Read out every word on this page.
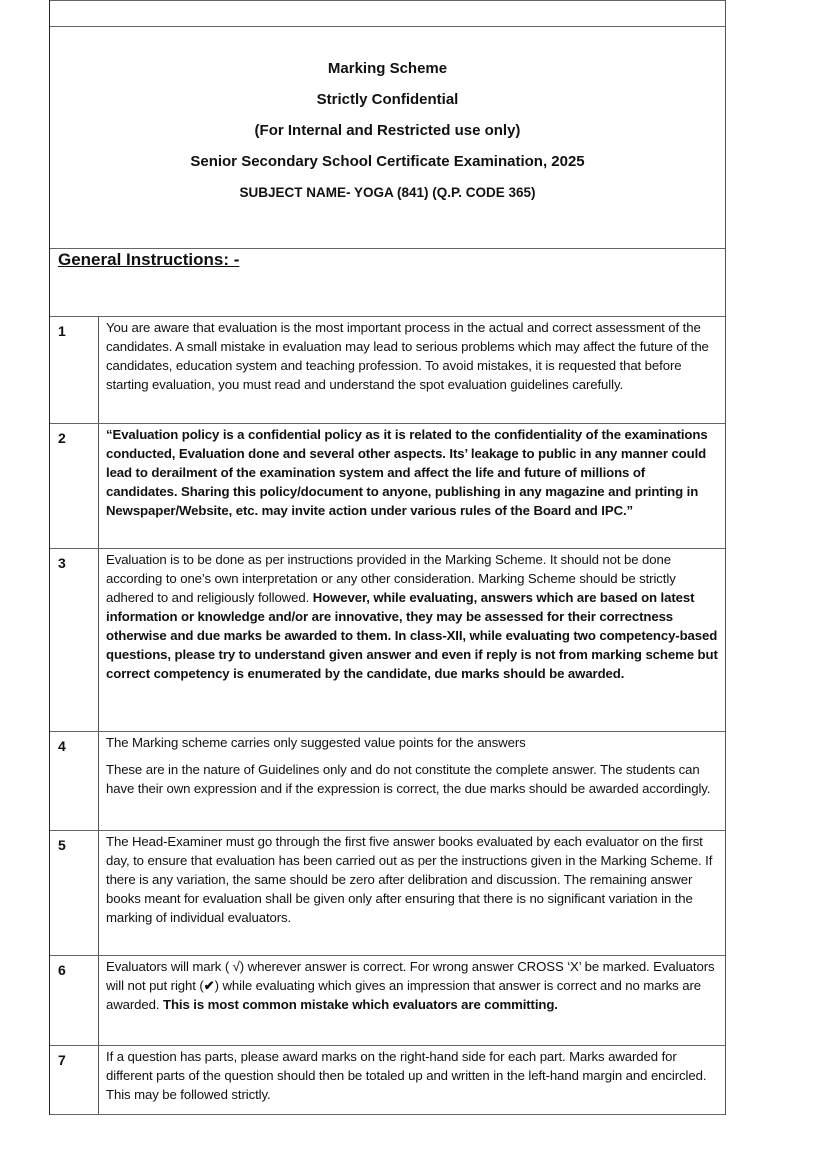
Marking Scheme
Strictly Confidential
(For Internal and Restricted use only)
Senior Secondary School Certificate Examination, 2025
SUBJECT NAME- YOGA (841) (Q.P. CODE 365)
General Instructions: -
1	You are aware that evaluation is the most important process in the actual and correct assessment of the candidates. A small mistake in evaluation may lead to serious problems which may affect the future of the candidates, education system and teaching profession. To avoid mistakes, it is requested that before starting evaluation, you must read and understand the spot evaluation guidelines carefully.

2	“Evaluation policy is a confidential policy as it is related to the confidentiality of the examinations conducted, Evaluation done and several other aspects. Its’ leakage to public in any manner could lead to derailment of the examination system and affect the life and future of millions of candidates. Sharing this policy/document to anyone, publishing in any magazine and printing in Newspaper/Website, etc. may invite action under various rules of the Board and IPC.”

3	Evaluation is to be done as per instructions provided in the Marking Scheme. It should not be done according to one’s own interpretation or any other consideration. Marking Scheme should be strictly adhered to and religiously followed. However, while evaluating, answers which are based on latest information or knowledge and/or are innovative, they may be assessed for their correctness otherwise and due marks be awarded to them. In class-XII, while evaluating two competency-based questions, please try to understand given answer and even if reply is not from marking scheme but correct competency is enumerated by the candidate, due marks should be awarded.

4	The Marking scheme carries only suggested value points for the answers

These are in the nature of Guidelines only and do not constitute the complete answer. The students can have their own expression and if the expression is correct, the due marks should be awarded accordingly.

5	The Head-Examiner must go through the first five answer books evaluated by each evaluator on the first day, to ensure that evaluation has been carried out as per the instructions given in the Marking Scheme. If there is any variation, the same should be zero after delibration and discussion. The remaining answer books meant for evaluation shall be given only after ensuring that there is no significant variation in the marking of individual evaluators.

6	Evaluators will mark ( √) wherever answer is correct. For wrong answer CROSS ‘X’ be marked. Evaluators will not put right (✔) while evaluating which gives an impression that answer is correct and no marks are awarded. This is most common mistake which evaluators are committing.

7	If a question has parts, please award marks on the right-hand side for each part. Marks awarded for different parts of the question should then be totaled up and written in the left-hand margin and encircled. This may be followed strictly.
